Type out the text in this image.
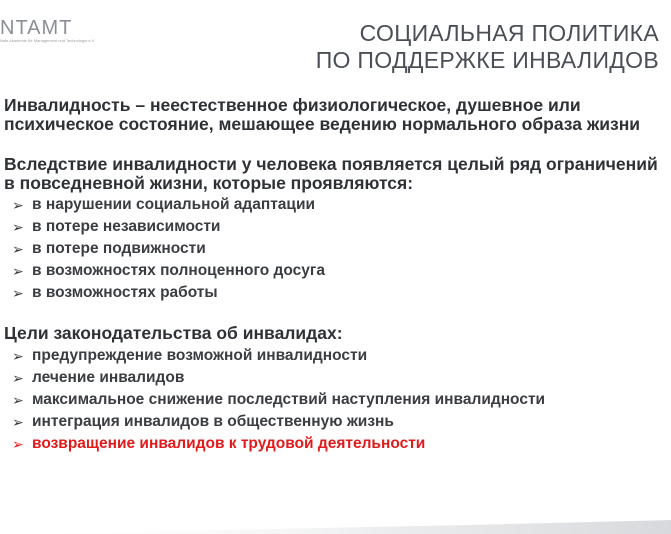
NTAMT
Nale Akademie für Management und Technologie e.V.	СОЦИАЛЬНАЯ ПОЛИТИКА
ПО ПОДДЕРЖКЕ ИНВАЛИДОВ

Инвалидность – неестественное физиологическое, душевное или психическое состояние, мешающее ведению нормального образа жизни

Вследствие инвалидности у человека появляется целый ряд ограничений в повседневной жизни, которые проявляются:

➢ в нарушении социальной адаптации
➢ в потере независимости
➢ в потере подвижности
➢ в возможностях полноценного досуга
➢ в возможностях работы

Цели законодательства об инвалидах:

➢ предупреждение возможной инвалидности
➢ лечение инвалидов
➢ максимальное снижение последствий наступления инвалидности
➢ интеграция инвалидов в общественную жизнь
➢ возвращение инвалидов к трудовой деятельности
